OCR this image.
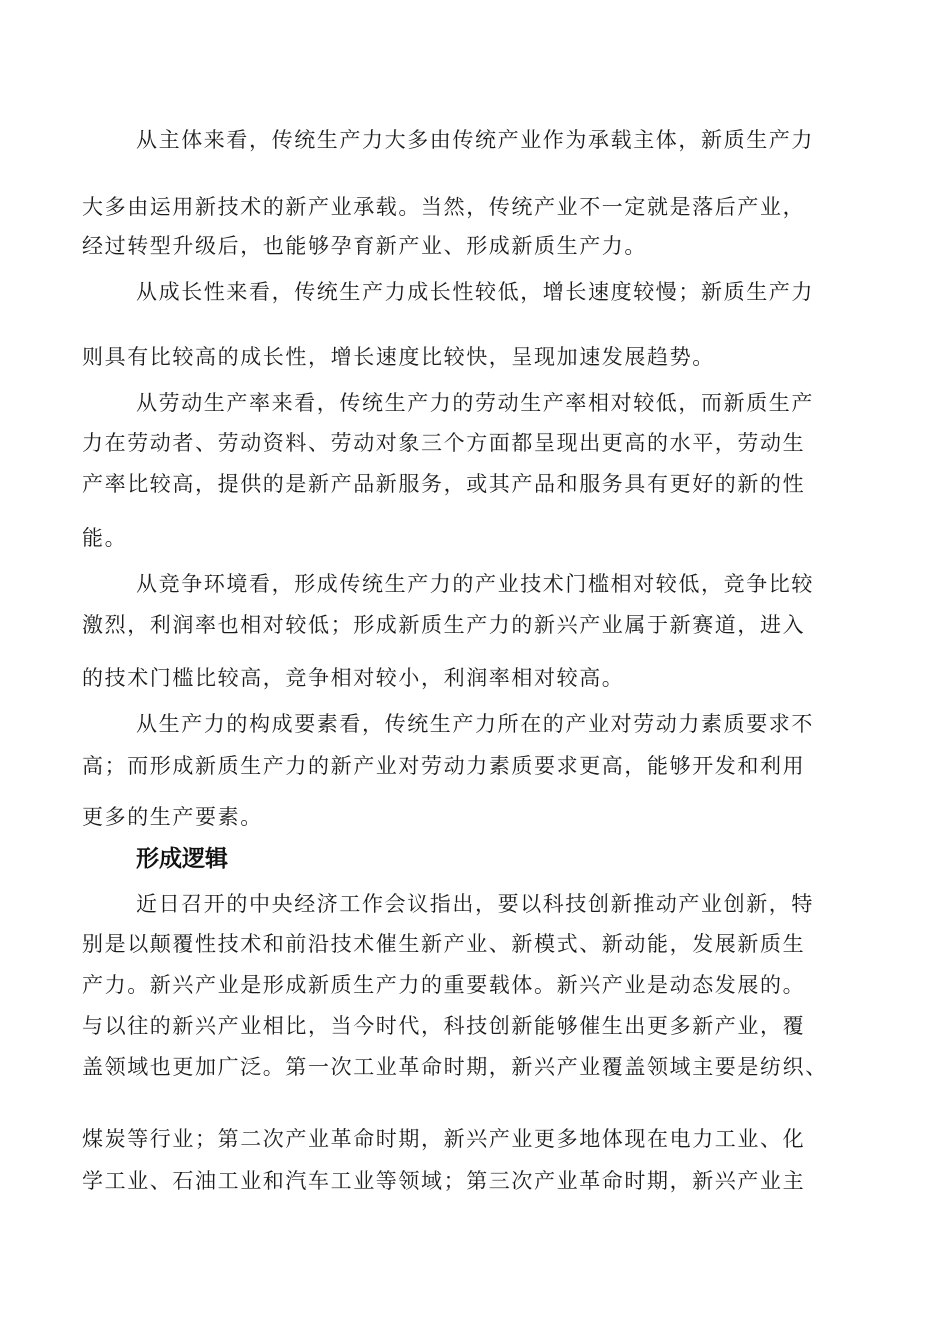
从主体来看，传统生产力大多由传统产业作为承载主体，新质生产力
大多由运用新技术的新产业承载。当然，传统产业不一定就是落后产业，
经过转型升级后，也能够孕育新产业、形成新质生产力。
从成长性来看，传统生产力成长性较低，增长速度较慢；新质生产力
则具有比较高的成长性，增长速度比较快，呈现加速发展趋势。
从劳动生产率来看，传统生产力的劳动生产率相对较低，而新质生产
力在劳动者、劳动资料、劳动对象三个方面都呈现出更高的水平，劳动生
产率比较高，提供的是新产品新服务，或其产品和服务具有更好的新的性
能。
从竞争环境看，形成传统生产力的产业技术门槛相对较低，竞争比较
激烈，利润率也相对较低；形成新质生产力的新兴产业属于新赛道，进入
的技术门槛比较高，竞争相对较小，利润率相对较高。
从生产力的构成要素看，传统生产力所在的产业对劳动力素质要求不
高；而形成新质生产力的新产业对劳动力素质要求更高，能够开发和利用
更多的生产要素。
形成逻辑
近日召开的中央经济工作会议指出，要以科技创新推动产业创新，特
别是以颠覆性技术和前沿技术催生新产业、新模式、新动能，发展新质生
产力。新兴产业是形成新质生产力的重要载体。新兴产业是动态发展的。
与以往的新兴产业相比，当今时代，科技创新能够催生出更多新产业，覆
盖领域也更加广泛。第一次工业革命时期，新兴产业覆盖领域主要是纺织、
煤炭等行业；第二次产业革命时期，新兴产业更多地体现在电力工业、化
学工业、石油工业和汽车工业等领域；第三次产业革命时期，新兴产业主
